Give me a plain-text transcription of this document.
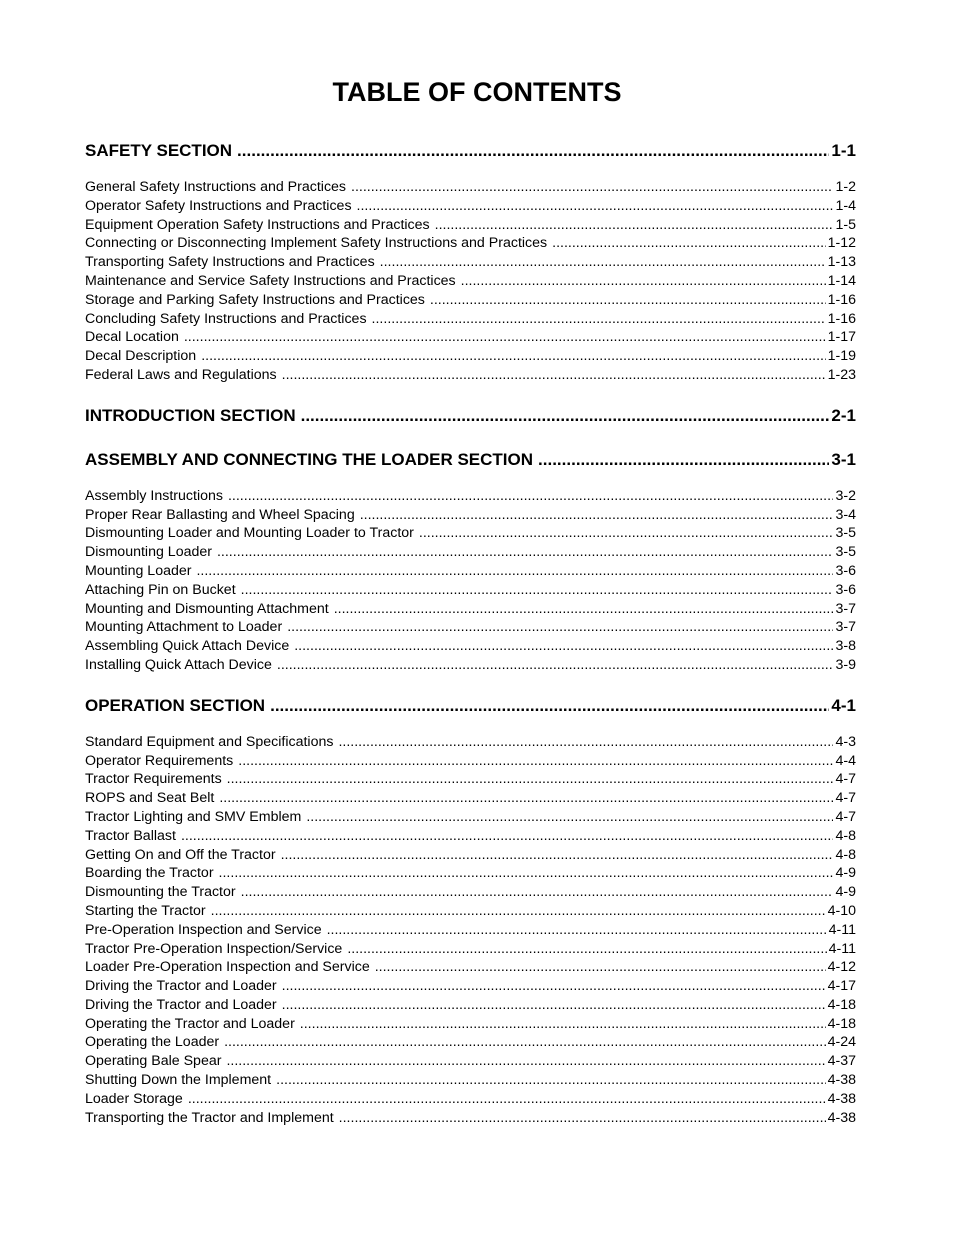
TABLE OF CONTENTS
SAFETY SECTION .....	1-1
General Safety Instructions and Practices .....	1-2
Operator Safety Instructions and Practices .....	1-4
Equipment Operation Safety Instructions and Practices .....	1-5
Connecting or Disconnecting Implement Safety Instructions and Practices .....	1-12
Transporting Safety Instructions and Practices .....	1-13
Maintenance and Service Safety Instructions and Practices .....	1-14
Storage and Parking Safety Instructions and Practices .....	1-16
Concluding Safety Instructions and Practices .....	1-16
Decal Location .....	1-17
Decal Description .....	1-19
Federal Laws and Regulations .....	1-23
INTRODUCTION SECTION .....	2-1
ASSEMBLY AND CONNECTING THE LOADER SECTION .....	3-1
Assembly Instructions .....	3-2
Proper Rear Ballasting and Wheel Spacing .....	3-4
Dismounting Loader and Mounting Loader to Tractor .....	3-5
Dismounting Loader .....	3-5
Mounting Loader .....	3-6
Attaching Pin on Bucket .....	3-6
Mounting and Dismounting Attachment .....	3-7
Mounting Attachment to Loader .....	3-7
Assembling Quick Attach Device .....	3-8
Installing Quick Attach Device .....	3-9
OPERATION SECTION .....	4-1
Standard Equipment and Specifications .....	4-3
Operator Requirements .....	4-4
Tractor Requirements .....	4-7
ROPS and Seat Belt .....	4-7
Tractor Lighting and SMV Emblem .....	4-7
Tractor Ballast .....	4-8
Getting On and Off the Tractor .....	4-8
Boarding the Tractor .....	4-9
Dismounting the Tractor .....	4-9
Starting the Tractor .....	4-10
Pre-Operation Inspection and Service .....	4-11
Tractor Pre-Operation Inspection/Service .....	4-11
Loader Pre-Operation Inspection and Service .....	4-12
Driving the Tractor and Loader .....	4-17
Driving the Tractor and Loader .....	4-18
Operating the Tractor and Loader .....	4-18
Operating the Loader .....	4-24
Operating Bale Spear .....	4-37
Shutting Down the Implement .....	4-38
Loader Storage .....	4-38
Transporting the Tractor and Implement .....	4-38
